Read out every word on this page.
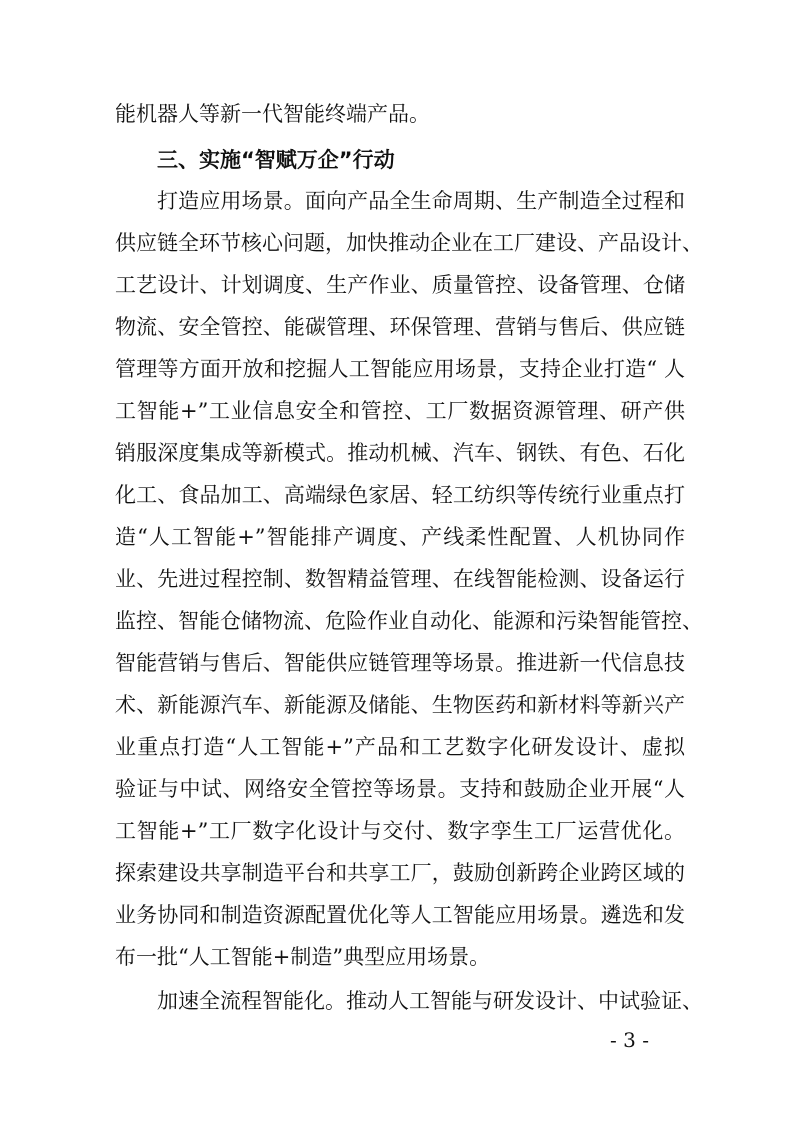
能机器人等新一代智能终端产品。
三、实施“智赋万企”行动
打造应用场景。面向产品全生命周期、生产制造全过程和
供应链全环节核心问题，加快推动企业在工厂建设、产品设计、
工艺设计、计划调度、生产作业、质量管控、设备管理、仓储
物流、安全管控、能碳管理、环保管理、营销与售后、供应链
管理等方面开放和挖掘人工智能应用场景，支持企业打造“ 人
工智能+”工业信息安全和管控、工厂数据资源管理、研产供
销服深度集成等新模式。推动机械、汽车、钢铁、有色、石化
化工、食品加工、高端绿色家居、轻工纺织等传统行业重点打
造“人工智能+”智能排产调度、产线柔性配置、人机协同作
业、先进过程控制、数智精益管理、在线智能检测、设备运行
监控、智能仓储物流、危险作业自动化、能源和污染智能管控、
智能营销与售后、智能供应链管理等场景。推进新一代信息技
术、新能源汽车、新能源及储能、生物医药和新材料等新兴产
业重点打造“人工智能+”产品和工艺数字化研发设计、虚拟
验证与中试、网络安全管控等场景。支持和鼓励企业开展“人
工智能+”工厂数字化设计与交付、数字孪生工厂运营优化。
探索建设共享制造平台和共享工厂，鼓励创新跨企业跨区域的
业务协同和制造资源配置优化等人工智能应用场景。遴选和发
布一批“人工智能+制造”典型应用场景。
加速全流程智能化。推动人工智能与研发设计、中试验证、
- 3 -
